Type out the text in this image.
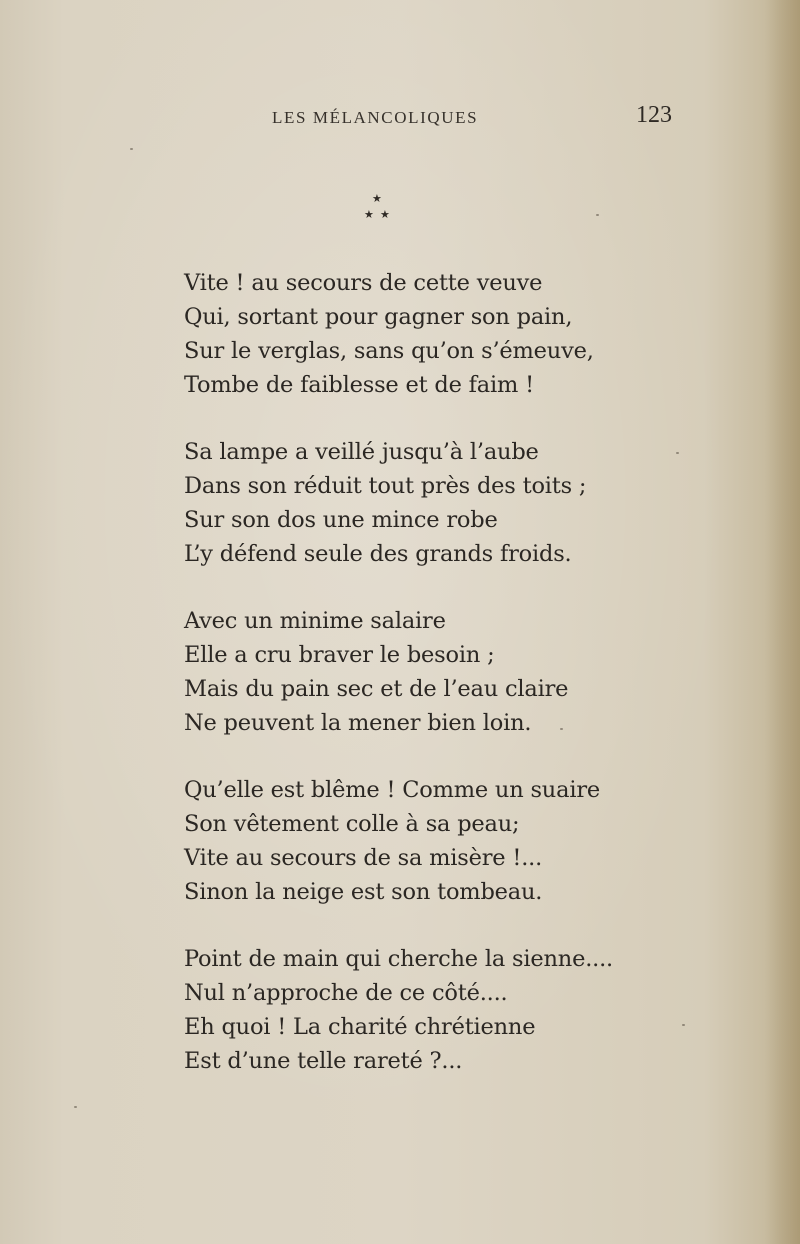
LES MÉLANCOLIQUES	123
★
★ ★
Vite ! au secours de cette veuve
Qui, sortant pour gagner son pain,
Sur le verglas, sans qu’on s’émeuve,
Tombe de faiblesse et de faim !
Sa lampe a veillé jusqu’à l’aube
Dans son réduit tout près des toits ;
Sur son dos une mince robe
L’y défend seule des grands froids.
Avec un minime salaire
Elle a cru braver le besoin ;
Mais du pain sec et de l’eau claire
Ne peuvent la mener bien loin.
Qu’elle est blême ! Comme un suaire
Son vêtement colle à sa peau;
Vite au secours de sa misère !...
Sinon la neige est son tombeau.
Point de main qui cherche la sienne....
Nul n’approche de ce côté....
Eh quoi ! La charité chrétienne
Est d’une telle rareté ?...
